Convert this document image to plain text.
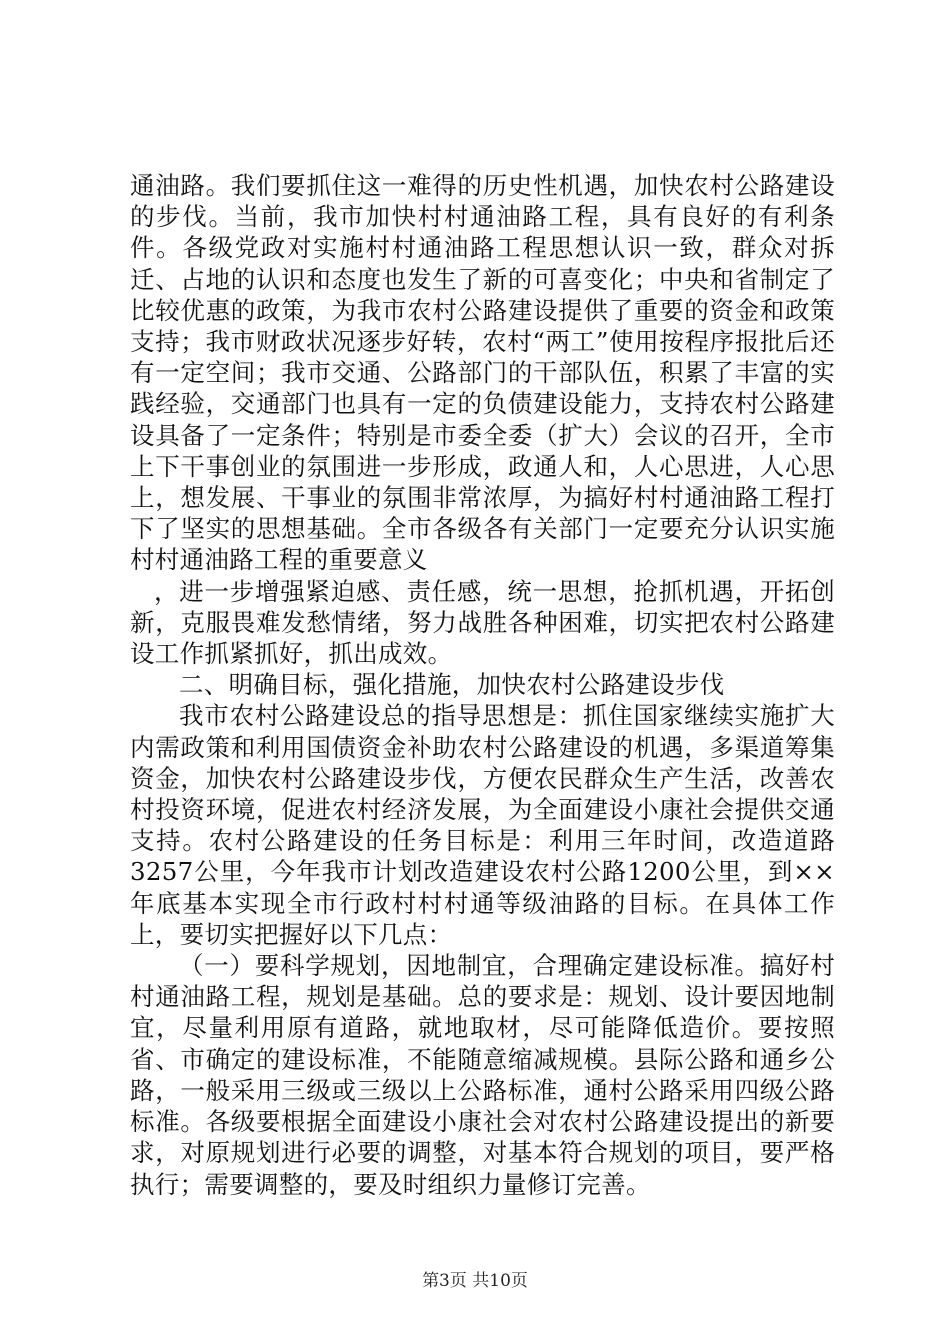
通油路。我们要抓住这一难得的历史性机遇，加快农村公路建设的步伐。当前，我市加快村村通油路工程，具有良好的有利条件。各级党政对实施村村通油路工程思想认识一致，群众对拆迁、占地的认识和态度也发生了新的可喜变化；中央和省制定了比较优惠的政策，为我市农村公路建设提供了重要的资金和政策支持；我市财政状况逐步好转，农村“两工”使用按程序报批后还有一定空间；我市交通、公路部门的干部队伍，积累了丰富的实践经验，交通部门也具有一定的负债建设能力，支持农村公路建设具备了一定条件；特别是市委全委（扩大）会议的召开，全市上下干事创业的氛围进一步形成，政通人和，人心思进，人心思上，想发展、干事业的氛围非常浓厚，为搞好村村通油路工程打下了坚实的思想基础。全市各级各有关部门一定要充分认识实施村村通油路工程的重要意义

，进一步增强紧迫感、责任感，统一思想，抢抓机遇，开拓创新，克服畏难发愁情绪，努力战胜各种困难，切实把农村公路建设工作抓紧抓好，抓出成效。

二、明确目标，强化措施，加快农村公路建设步伐

我市农村公路建设总的指导思想是：抓住国家继续实施扩大内需政策和利用国债资金补助农村公路建设的机遇，多渠道筹集资金，加快农村公路建设步伐，方便农民群众生产生活，改善农村投资环境，促进农村经济发展，为全面建设小康社会提供交通支持。农村公路建设的任务目标是：利用三年时间，改造道路3257公里，今年我市计划改造建设农村公路1200公里，到××年底基本实现全市行政村村村通等级油路的目标。在具体工作上，要切实把握好以下几点：

（一）要科学规划，因地制宜，合理确定建设标准。搞好村村通油路工程，规划是基础。总的要求是：规划、设计要因地制宜，尽量利用原有道路，就地取材，尽可能降低造价。要按照省、市确定的建设标准，不能随意缩减规模。县际公路和通乡公路，一般采用三级或三级以上公路标准，通村公路采用四级公路标准。各级要根据全面建设小康社会对农村公路建设提出的新要求，对原规划进行必要的调整，对基本符合规划的项目，要严格执行；需要调整的，要及时组织力量修订完善。

第3页 共10页
